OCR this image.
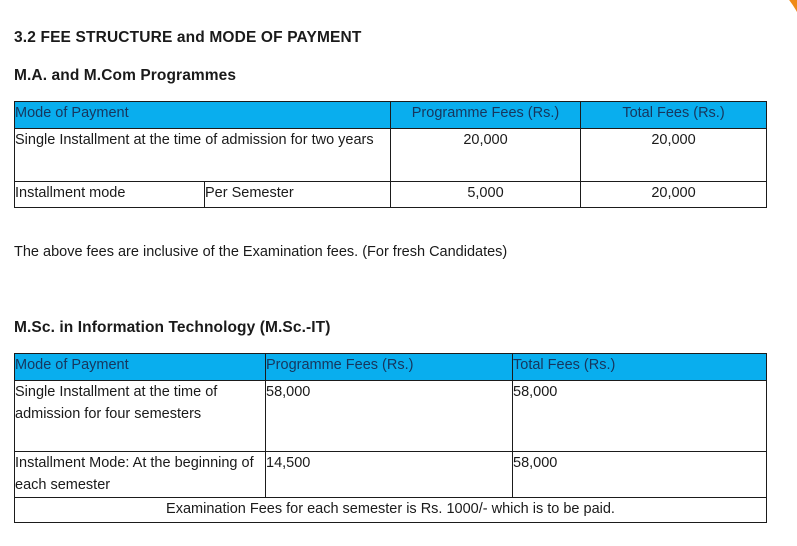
3.2 FEE STRUCTURE and MODE OF PAYMENT
M.A. and M.Com Programmes
Mode of Payment		Programme Fees (Rs.)	Total Fees (Rs.)
Single Installment at the time of admission for two years		20,000	20,000
Installment mode	Per Semester	5,000	20,000
The above fees are inclusive of the Examination fees. (For fresh Candidates)
M.Sc. in Information Technology (M.Sc.-IT)
Mode of Payment	Programme Fees (Rs.)	Total Fees (Rs.)
Single Installment at the time of admission for four semesters	58,000	58,000
Installment Mode: At the beginning of each semester	14,500	58,000
Examination Fees for each semester is Rs. 1000/- which is to be paid.		
